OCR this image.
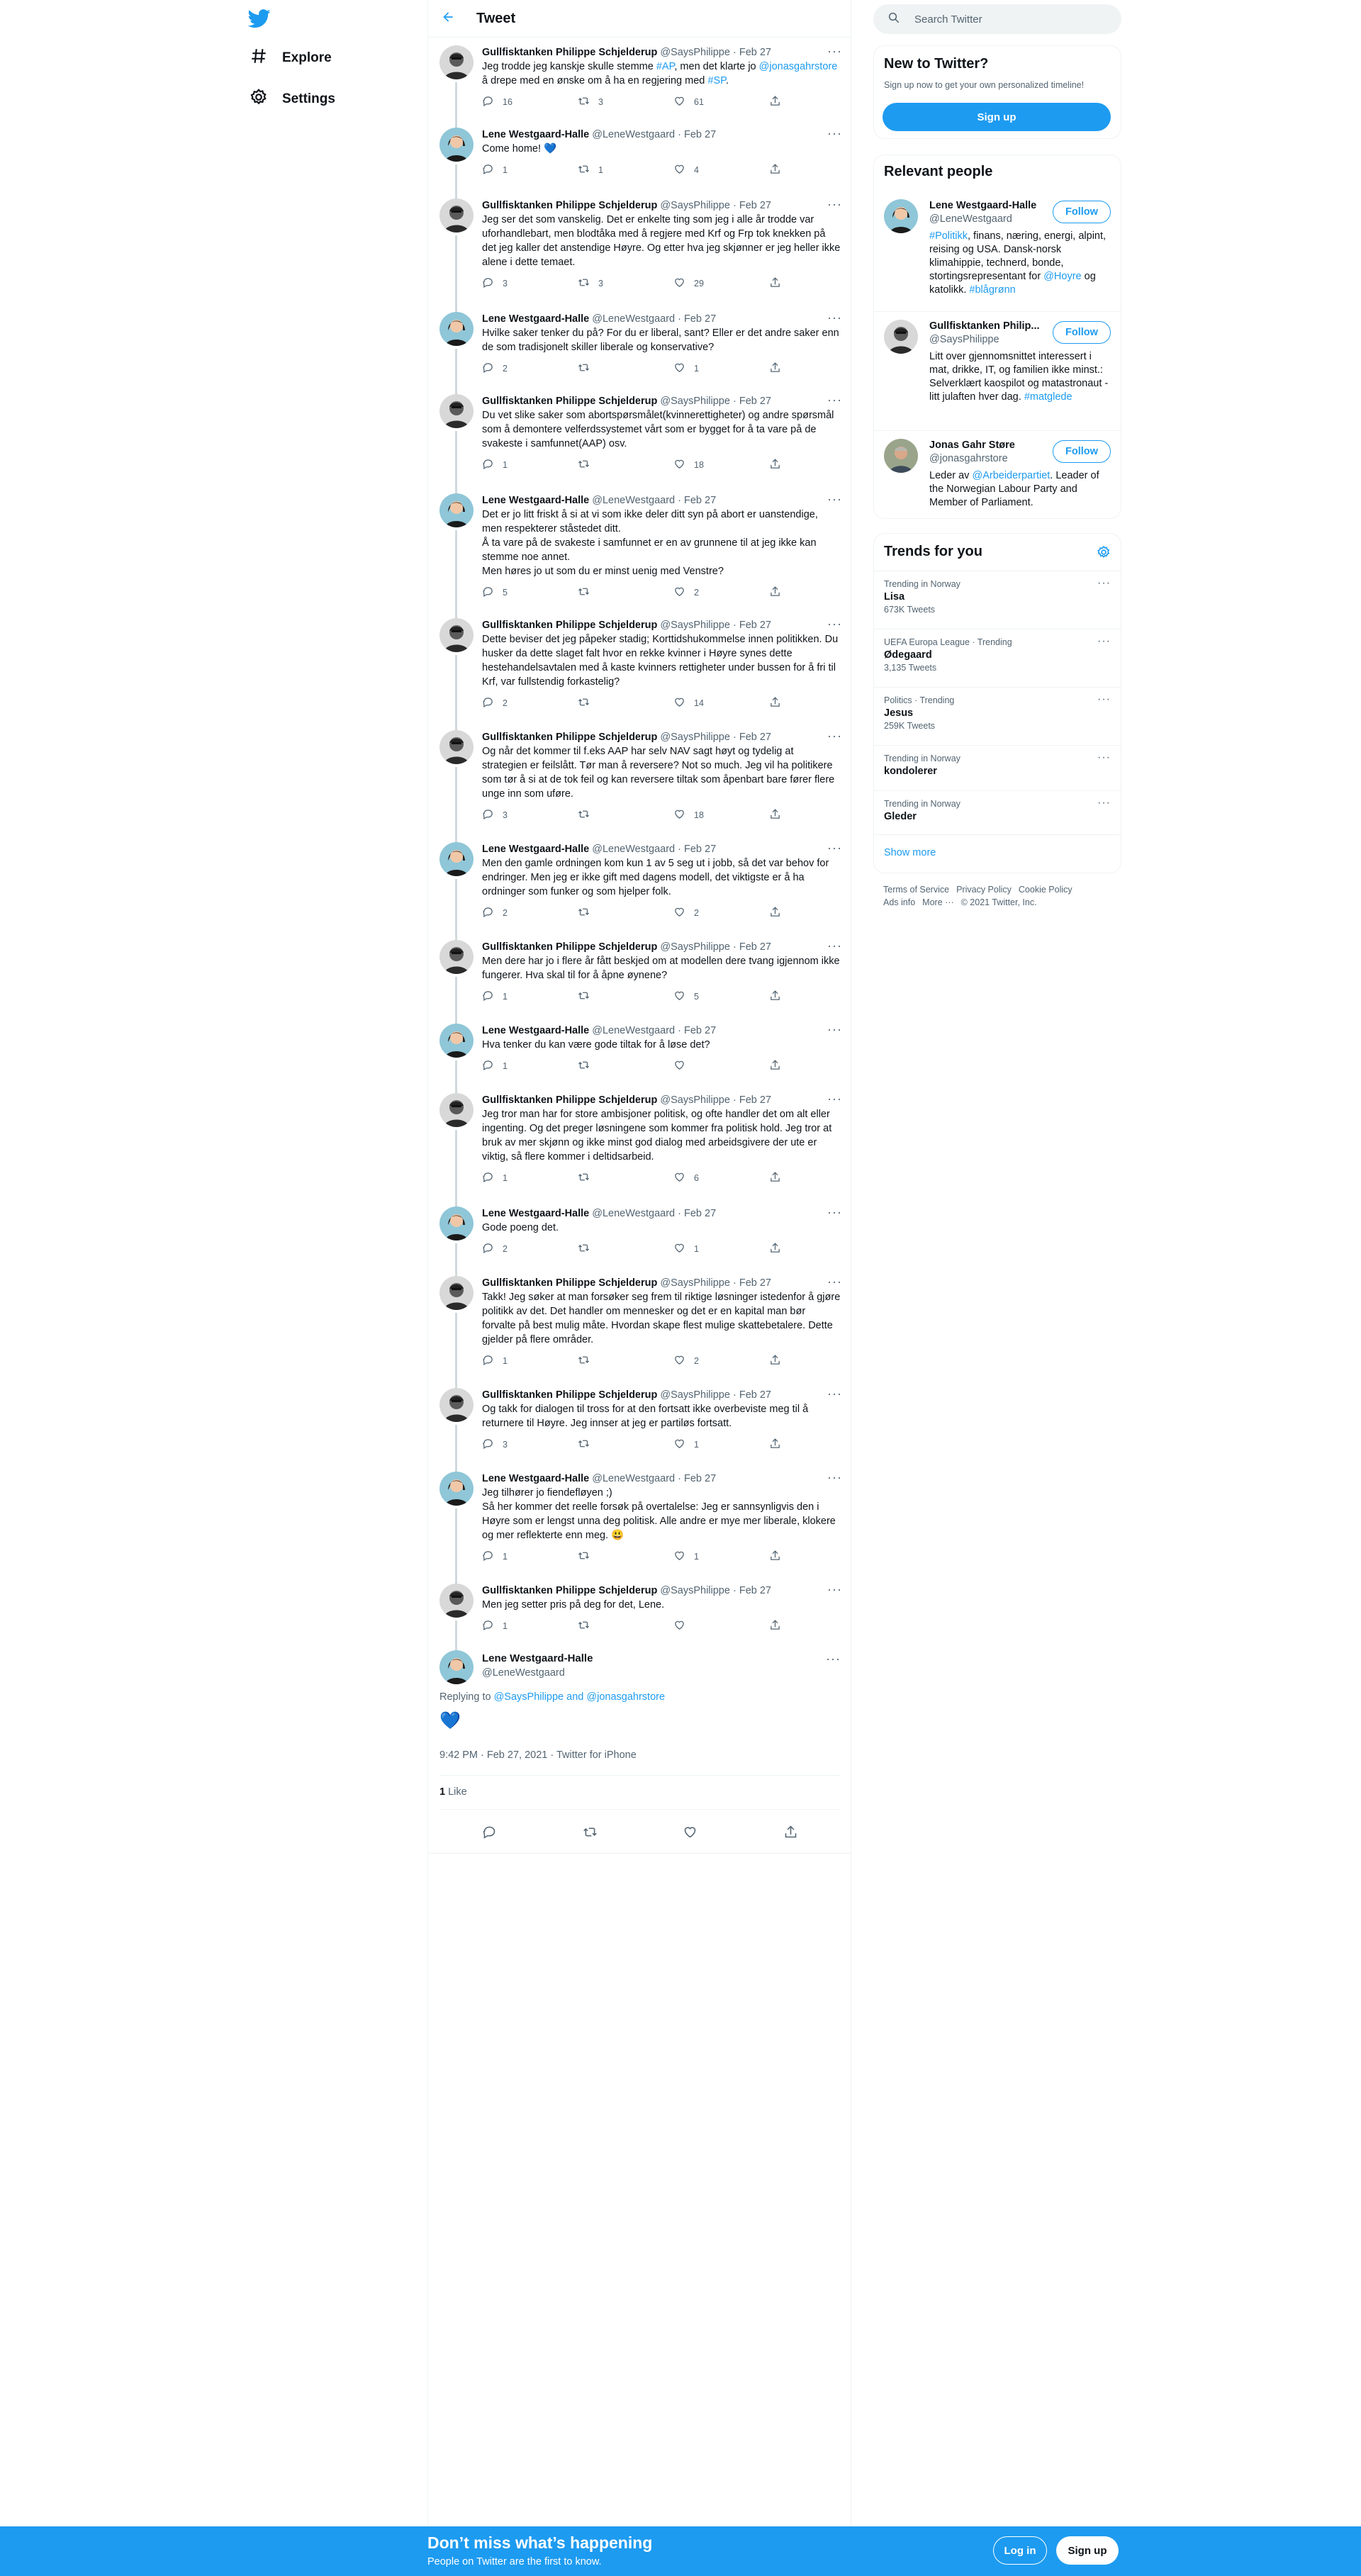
Explore
Settings
Tweet
Gullfisktanken Philippe Schjelderup @SaysPhilippe · Feb 27	···
Jeg trodde jeg kanskje skulle stemme #AP, men det klarte jo @jonasgahrstore å drepe med en ønske om å ha en regjering med #SP.
16	3	61
Lene Westgaard-Halle @LeneWestgaard · Feb 27	···
Come home! 💙
1	1	4
Gullfisktanken Philippe Schjelderup @SaysPhilippe · Feb 27	···
Jeg ser det som vanskelig. Det er enkelte ting som jeg i alle år trodde var uforhandlebart, men blodtåka med å regjere med Krf og Frp tok knekken på det jeg kaller det anstendige Høyre. Og etter hva jeg skjønner er jeg heller ikke alene i dette temaet.
3	3	29
Lene Westgaard-Halle @LeneWestgaard · Feb 27	···
Hvilke saker tenker du på? For du er liberal, sant? Eller er det andre saker enn de som tradisjonelt skiller liberale og konservative?
2	1
Gullfisktanken Philippe Schjelderup @SaysPhilippe · Feb 27	···
Du vet slike saker som abortspørsmålet(kvinnerettigheter) og andre spørsmål som å demontere velferdssystemet vårt som er bygget for å ta vare på de svakeste i samfunnet(AAP) osv.
1	18
Lene Westgaard-Halle @LeneWestgaard · Feb 27	···
Det er jo litt friskt å si at vi som ikke deler ditt syn på abort er uanstendige, men respekterer ståstedet ditt.
Å ta vare på de svakeste i samfunnet er en av grunnene til at jeg ikke kan stemme noe annet.
Men høres jo ut som du er minst uenig med Venstre?
5	2
Gullfisktanken Philippe Schjelderup @SaysPhilippe · Feb 27	···
Dette beviser det jeg påpeker stadig; Korttidshukommelse innen politikken. Du husker da dette slaget falt hvor en rekke kvinner i Høyre synes dette hestehandelsavtalen med å kaste kvinners rettigheter under bussen for å fri til Krf, var fullstendig forkastelig?
2	14
Gullfisktanken Philippe Schjelderup @SaysPhilippe · Feb 27	···
Og når det kommer til f.eks AAP har selv NAV sagt høyt og tydelig at strategien er feilslått. Tør man å reversere? Not so much. Jeg vil ha politikere som tør å si at de tok feil og kan reversere tiltak som åpenbart bare fører flere unge inn som uføre.
3	18
Lene Westgaard-Halle @LeneWestgaard · Feb 27	···
Men den gamle ordningen kom kun 1 av 5 seg ut i jobb, så det var behov for endringer. Men jeg er ikke gift med dagens modell, det viktigste er å ha ordninger som funker og som hjelper folk.
2	2
Gullfisktanken Philippe Schjelderup @SaysPhilippe · Feb 27	···
Men dere har jo i flere år fått beskjed om at modellen dere tvang igjennom ikke fungerer. Hva skal til for å åpne øynene?
1	5
Lene Westgaard-Halle @LeneWestgaard · Feb 27	···
Hva tenker du kan være gode tiltak for å løse det?
1
Gullfisktanken Philippe Schjelderup @SaysPhilippe · Feb 27	···
Jeg tror man har for store ambisjoner politisk, og ofte handler det om alt eller ingenting. Og det preger løsningene som kommer fra politisk hold. Jeg tror at bruk av mer skjønn og ikke minst god dialog med arbeidsgivere der ute er viktig, så flere kommer i deltidsarbeid.
1	6
Lene Westgaard-Halle @LeneWestgaard · Feb 27	···
Gode poeng det.
2	1
Gullfisktanken Philippe Schjelderup @SaysPhilippe · Feb 27	···
Takk! Jeg søker at man forsøker seg frem til riktige løsninger istedenfor å gjøre politikk av det. Det handler om mennesker og det er en kapital man bør forvalte på best mulig måte. Hvordan skape flest mulige skattebetalere. Dette gjelder på flere områder.
1	2
Gullfisktanken Philippe Schjelderup @SaysPhilippe · Feb 27	···
Og takk for dialogen til tross for at den fortsatt ikke overbeviste meg til å returnere til Høyre. Jeg innser at jeg er partiløs fortsatt.
3	1
Lene Westgaard-Halle @LeneWestgaard · Feb 27	···
Jeg tilhører jo fiendefløyen ;)
Så her kommer det reelle forsøk på overtalelse: Jeg er sannsynligvis den i Høyre som er lengst unna deg politisk. Alle andre er mye mer liberale, klokere og mer reflekterte enn meg. 😃
1	1
Gullfisktanken Philippe Schjelderup @SaysPhilippe · Feb 27	···
Men jeg setter pris på deg for det, Lene.
1
Lene Westgaard-Halle
@LeneWestgaard
···
Replying to @SaysPhilippe and @jonasgahrstore
💙
9:42 PM · Feb 27, 2021 · Twitter for iPhone
1 Like
Search Twitter
New to Twitter?
Sign up now to get your own personalized timeline!
Sign up
Relevant people
Lene Westgaard-Halle
@LeneWestgaard
#Politikk, finans, næring, energi, alpint, reising og USA. Dansk-norsk klimahippie, technerd, bonde, stortingsrepresentant for @Hoyre og katolikk. #blågrønn
Follow
Gullfisktanken Philip...
@SaysPhilippe
Litt over gjennomsnittet interessert i mat, drikke, IT, og familien ikke minst.: Selverklært kaospilot og matastronaut -litt julaften hver dag. #matglede
Follow
Jonas Gahr Støre
@jonasgahrstore
Leder av @Arbeiderpartiet. Leader of the Norwegian Labour Party and Member of Parliament.
Follow
Trends for you
Trending in Norway
Lisa
673K Tweets
···
UEFA Europa League · Trending
Ødegaard
3,135 Tweets
···
Politics · Trending
Jesus
259K Tweets
···
Trending in Norway
kondolerer
···
Trending in Norway
Gleder
···
Show more
Terms of Service Privacy Policy Cookie Policy
Ads info More ··· © 2021 Twitter, Inc.
Don’t miss what’s happening
People on Twitter are the first to know.
Log in	Sign up
